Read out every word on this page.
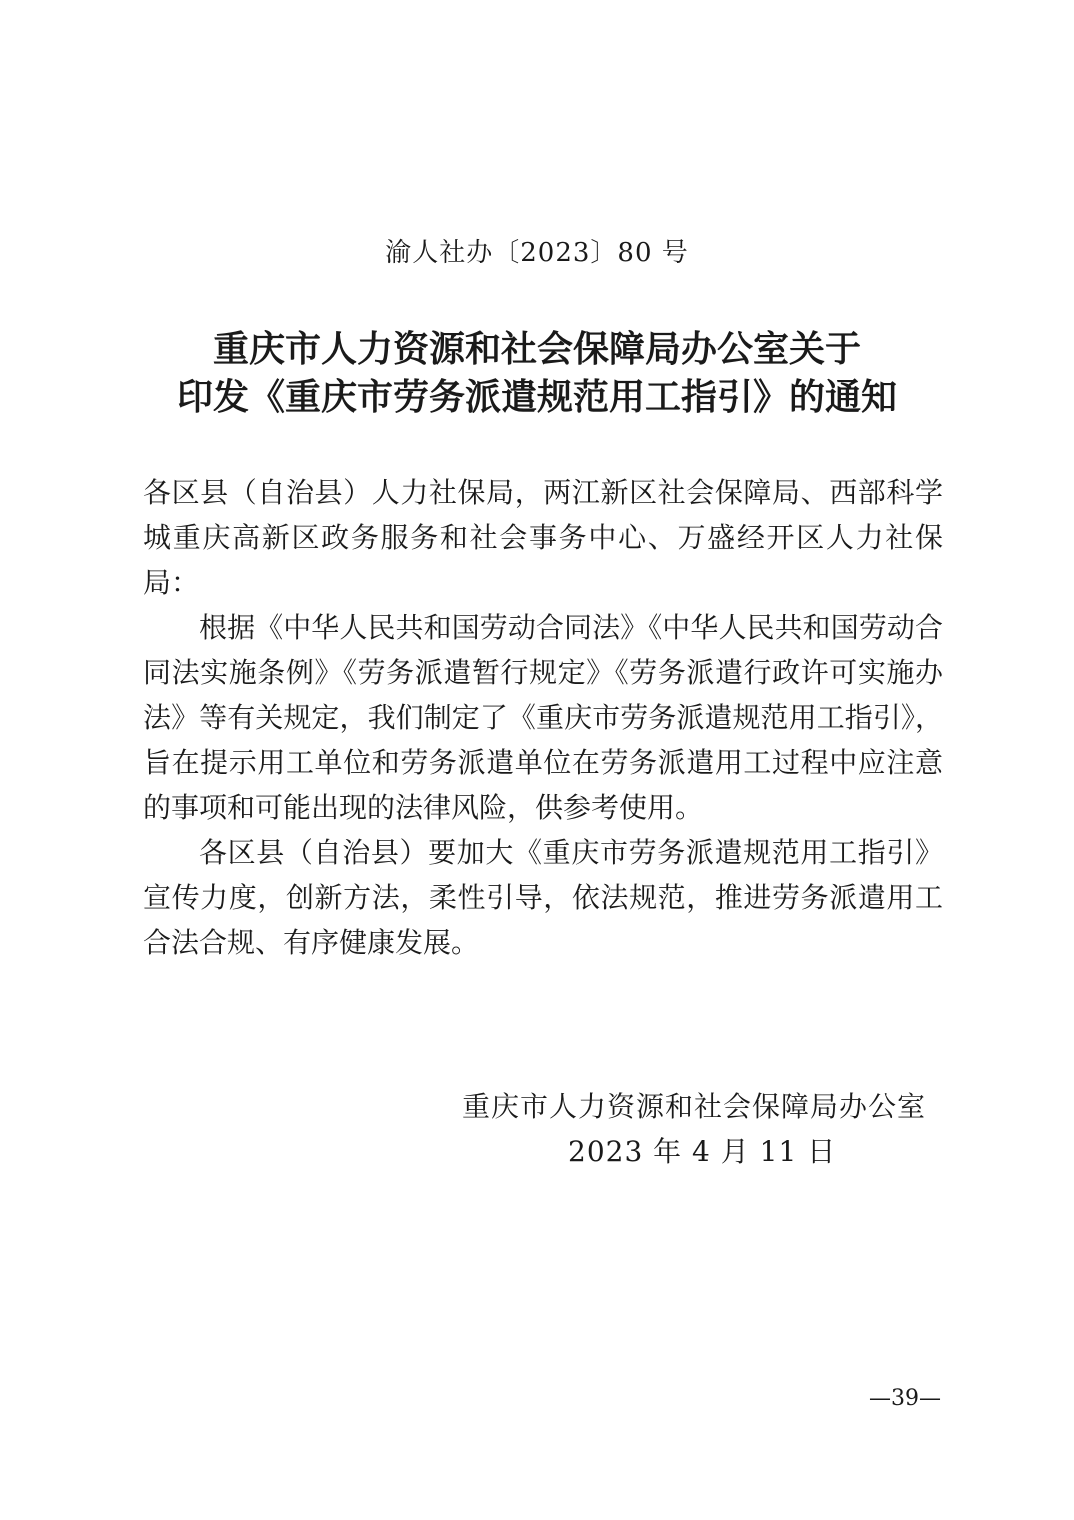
渝人社办〔2023〕80 号
重庆市人力资源和社会保障局办公室关于
印发《重庆市劳务派遣规范用工指引》的通知

各区县（自治县）人力社保局，两江新区社会保障局、西部科学城重庆高新区政务服务和社会事务中心、万盛经开区人力社保局：

根据《中华人民共和国劳动合同法》《中华人民共和国劳动合同法实施条例》《劳务派遣暂行规定》《劳务派遣行政许可实施办法》等有关规定，我们制定了《重庆市劳务派遣规范用工指引》，旨在提示用工单位和劳务派遣单位在劳务派遣用工过程中应注意的事项和可能出现的法律风险，供参考使用。

各区县（自治县）要加大《重庆市劳务派遣规范用工指引》宣传力度，创新方法，柔性引导，依法规范，推进劳务派遣用工合法合规、有序健康发展。

重庆市人力资源和社会保障局办公室
2023 年 4 月 11 日
—39—
